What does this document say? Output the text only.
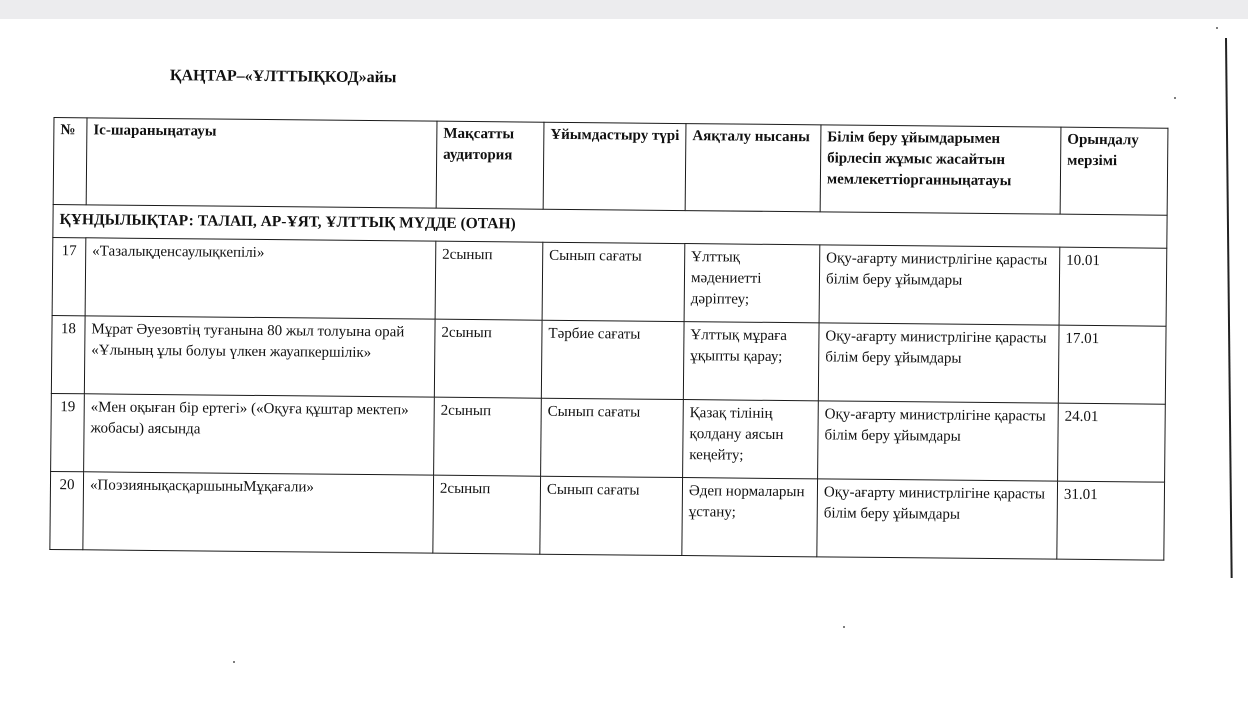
ҚАҢТАР–«ҰЛТТЫҚКОД»айы
№	Іс-шараныңатауы	Мақсатты аудитория	Ұйымдастыру түрі	Аяқталу нысаны	Білім беру ұйымдарымен бірлесіп жұмыс жасайтын мемлекеттіорганныңатауы	Орындалу мерзімі
ҚҰНДЫЛЫҚТАР: ТАЛАП, АР-ҰЯТ, ҰЛТТЫҚ МҮДДЕ (ОТАН)						
17	«Тазалықденсаулықкепілі»	2сынып	Сынып сағаты	Ұлттық мәдениетті дәріптеу;	Оқу-ағарту министрлігіне қарасты білім беру ұйымдары	10.01
18	Мұрат Әуезовтің туғанына 80 жыл толуына орай «Ұлының ұлы болуы үлкен жауапкершілік»	2сынып	Тәрбие сағаты	Ұлттық мұраға ұқыпты қарау;	Оқу-ағарту министрлігіне қарасты білім беру ұйымдары	17.01
19	«Мен оқыған бір ертегі» («Оқуға құштар мектеп» жобасы) аясында	2сынып	Сынып сағаты	Қазақ тілінің қолдану аясын кеңейту;	Оқу-ағарту министрлігіне қарасты білім беру ұйымдары	24.01
20	«ПоэзиянықасқаршыныМұқағали»	2сынып	Сынып сағаты	Әдеп нормаларын ұстану;	Оқу-ағарту министрлігіне қарасты білім беру ұйымдары	31.01
